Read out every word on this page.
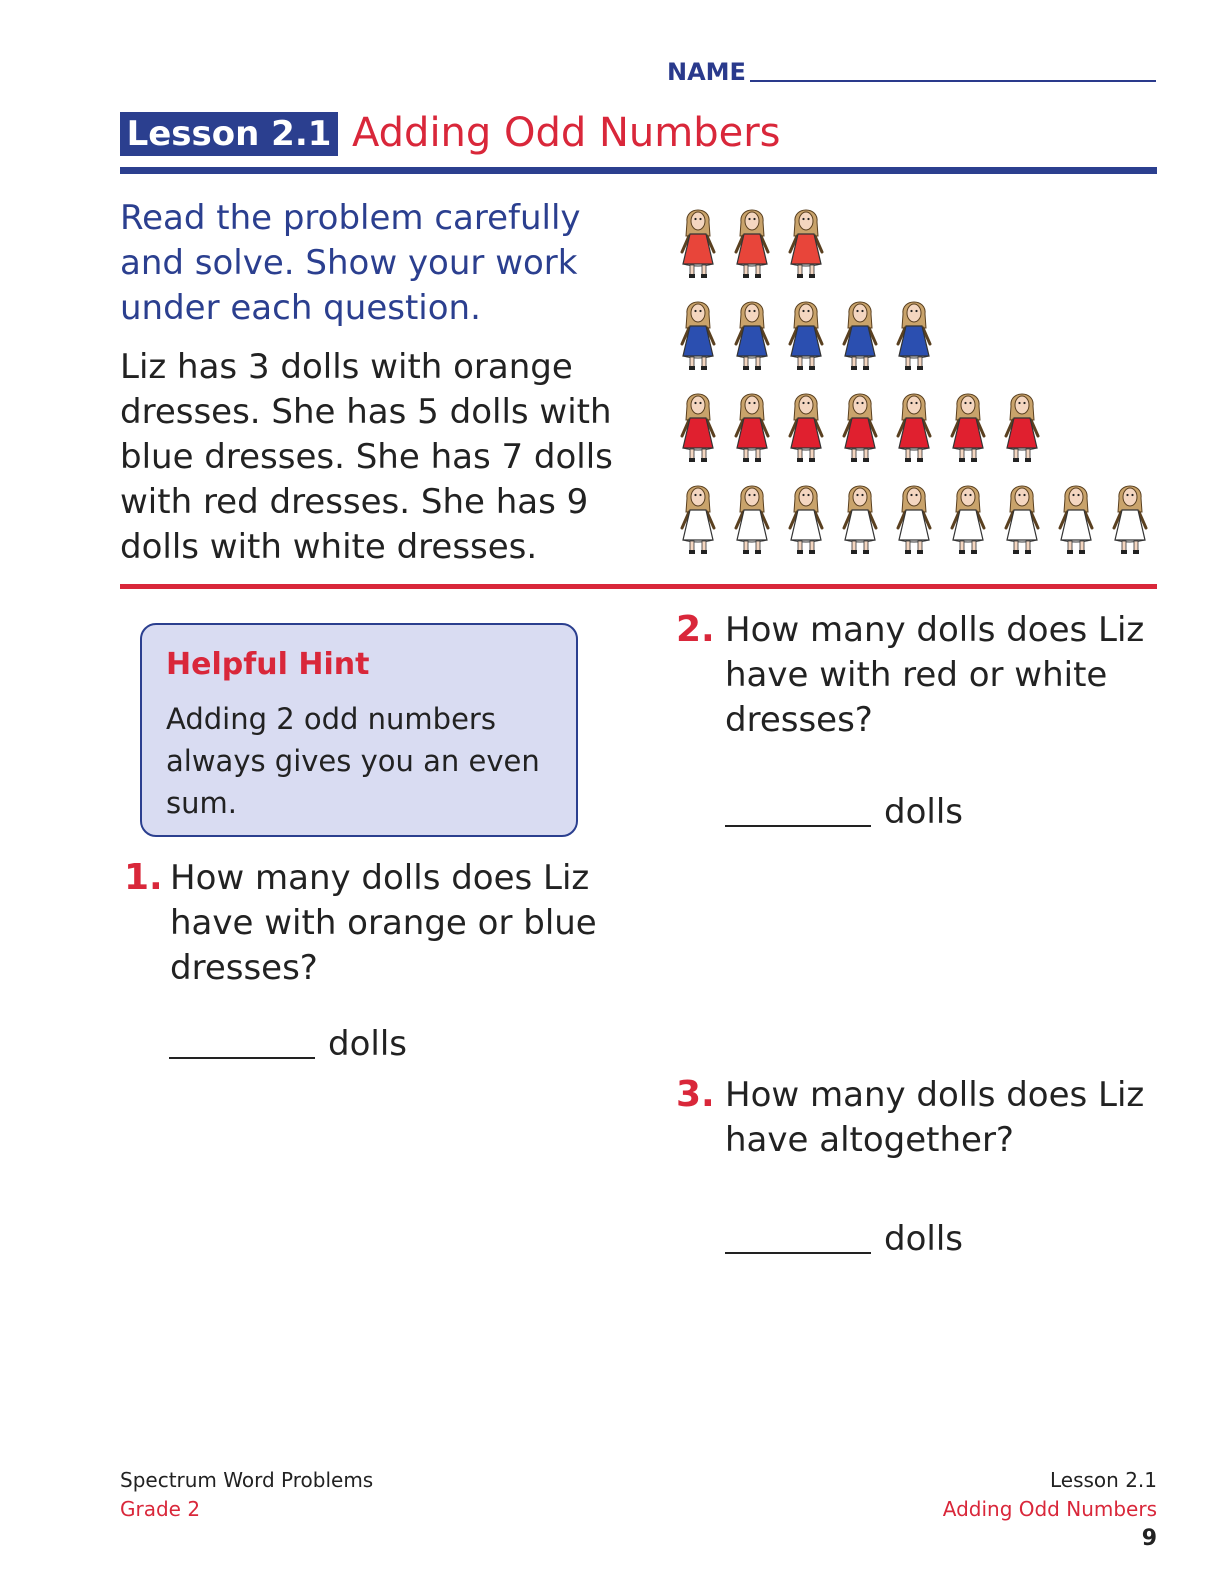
NAME
Lesson 2.1 Adding Odd Numbers

Read the problem carefully and solve. Show your work under each question.

Liz has 3 dolls with orange dresses. She has 5 dolls with blue dresses. She has 7 dolls with red dresses. She has 9 dolls with white dresses.

Helpful Hint

Adding 2 odd numbers always gives you an even sum.

1. How many dolls does Liz have with orange or blue dresses?

dolls
2. How many dolls does Liz have with red or white dresses?

dolls
3. How many dolls does Liz have altogether?

dolls
Spectrum Word Problems
Grade 2
Lesson 2.1
Adding Odd Numbers
9
